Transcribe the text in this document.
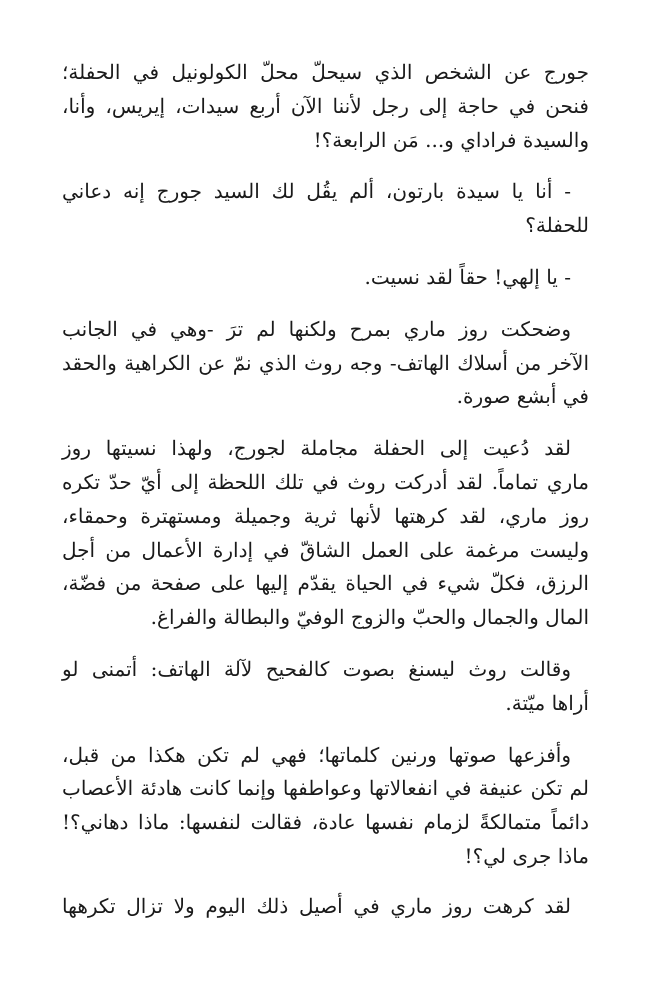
جورج عن الشخص الذي سيحلّ محلّ الكولونيل في الحفلة؛
فنحن في حاجة إلى رجل لأننا الآن أربع سيدات، إيريس، وأنا،
والسيدة فراداي و... مَن الرابعة؟!

- أنا يا سيدة بارتون، ألم يقُل لك السيد جورج إنه دعاني
للحفلة؟

- يا إلهي! حقاً لقد نسيت.

وضحكت روز ماري بمرح ولكنها لم ترَ -وهي في الجانب
الآخر من أسلاك الهاتف- وجه روث الذي نمّ عن الكراهية والحقد
في أبشع صورة.

لقد دُعيت إلى الحفلة مجاملة لجورج، ولهذا نسيتها روز
ماري تماماً. لقد أدركت روث في تلك اللحظة إلى أيّ حدّ تكره
روز ماري، لقد كرهتها لأنها ثرية وجميلة ومستهترة وحمقاء،
وليست مرغمة على العمل الشاقّ في إدارة الأعمال من أجل
الرزق، فكلّ شيء في الحياة يقدّم إليها على صفحة من فضّة،
المال والجمال والحبّ والزوج الوفيّ والبطالة والفراغ.

وقالت روث ليسنغ بصوت كالفحيح لآلة الهاتف: أتمنى لو
أراها ميّتة.

وأفزعها صوتها ورنين كلماتها؛ فهي لم تكن هكذا من قبل،
لم تكن عنيفة في انفعالاتها وعواطفها وإنما كانت هادئة الأعصاب
دائماً متمالكةً لزمام نفسها عادة، فقالت لنفسها: ماذا دهاني؟!
ماذا جرى لي؟!

لقد كرهت روز ماري في أصيل ذلك اليوم ولا تزال تكرهها
